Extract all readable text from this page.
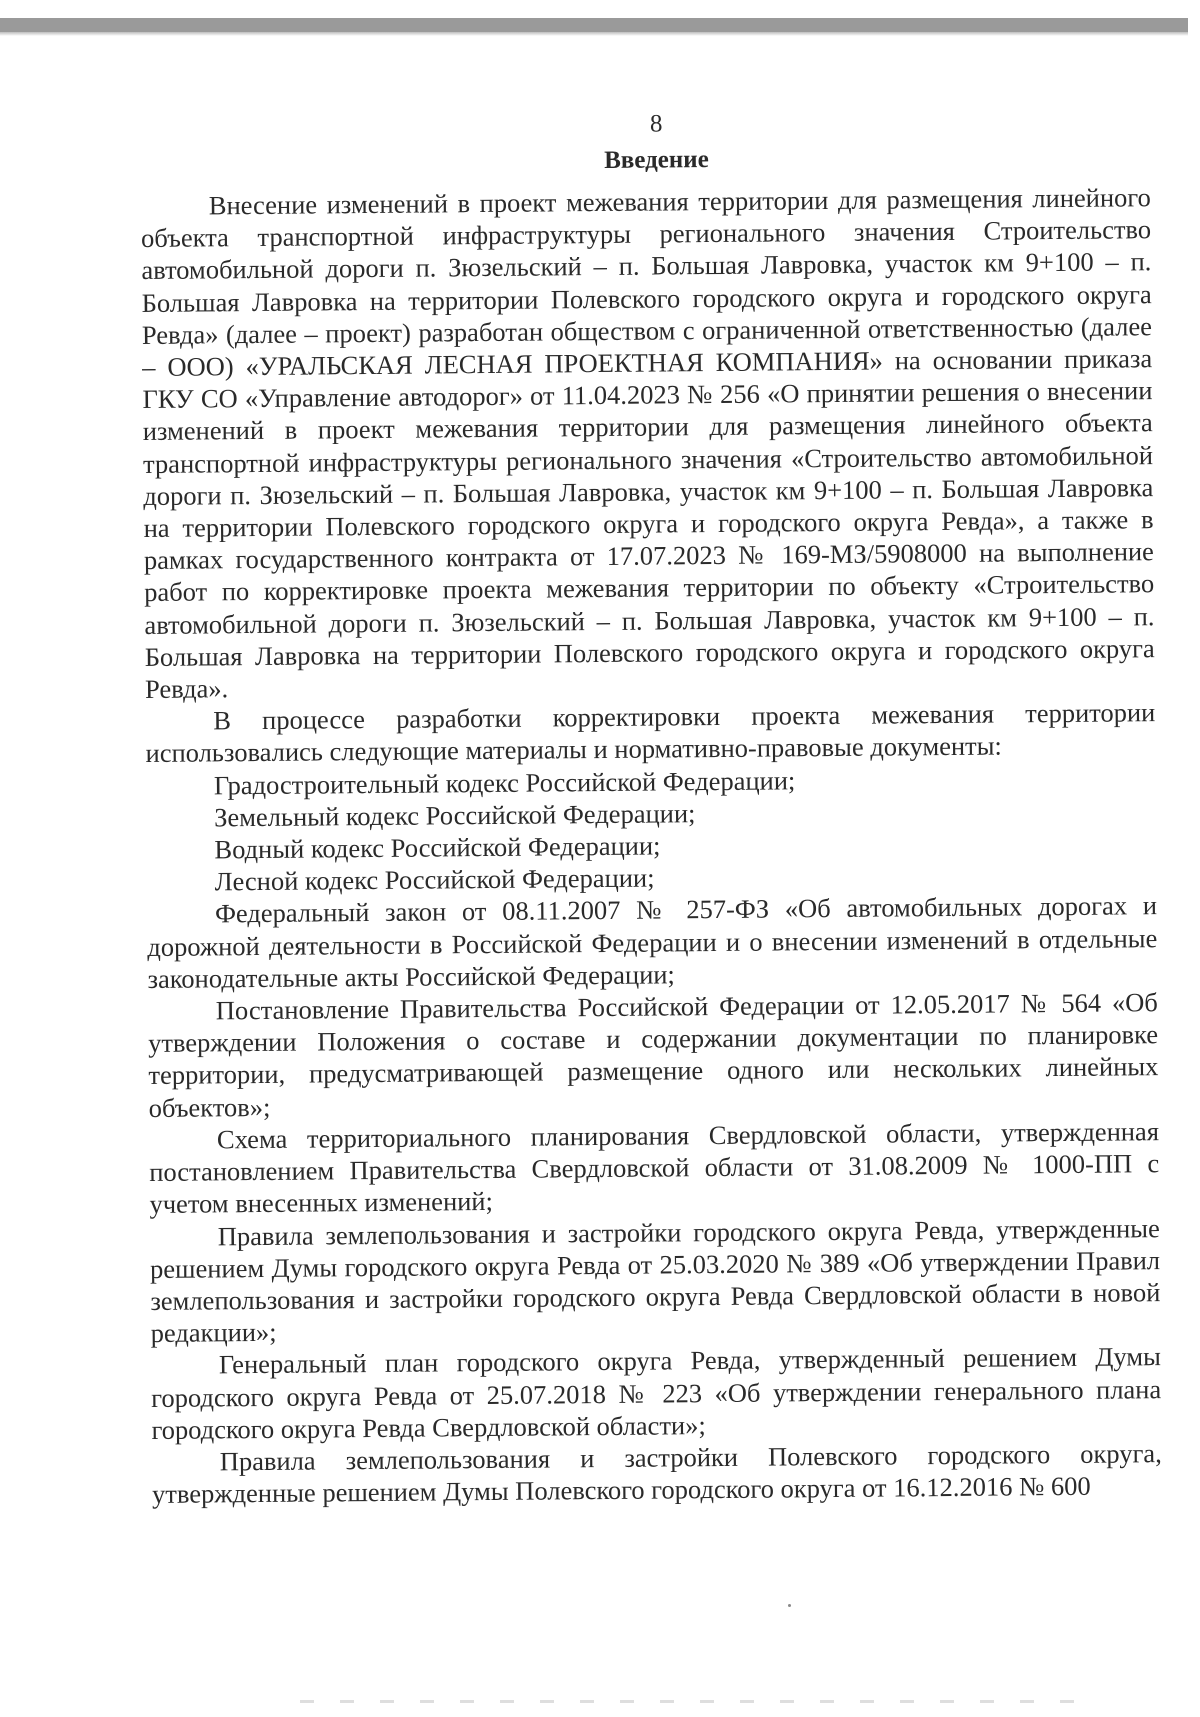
8
Введение

Внесение изменений в проект межевания территории для размещения линейного объекта транспортной инфраструктуры регионального значения Строительство автомобильной дороги п. Зюзельский – п. Большая Лавровка, участок км 9+100 – п. Большая Лавровка на территории Полевского городского округа и городского округа Ревда» (далее – проект) разработан обществом с ограниченной ответственностью (далее – ООО) «УРАЛЬСКАЯ ЛЕСНАЯ ПРОЕКТНАЯ КОМПАНИЯ» на основании приказа ГКУ СО «Управление автодорог» от 11.04.2023 № 256 «О принятии решения о внесении изменений в проект межевания территории для размещения линейного объекта транспортной инфраструктуры регионального значения «Строительство автомобильной дороги п. Зюзельский – п. Большая Лавровка, участок км 9+100 – п. Большая Лавровка на территории Полевского городского округа и городского округа Ревда», а также в рамках государственного контракта от 17.07.2023 № 169-МЗ/5908000 на выполнение работ по корректировке проекта межевания территории по объекту «Строительство автомобильной дороги п. Зюзельский – п. Большая Лавровка, участок км 9+100 – п. Большая Лавровка на территории Полевского городского округа и городского округа Ревда».

В процессе разработки корректировки проекта межевания территории использовались следующие материалы и нормативно-правовые документы:

Градостроительный кодекс Российской Федерации;

Земельный кодекс Российской Федерации;

Водный кодекс Российской Федерации;

Лесной кодекс Российской Федерации;

Федеральный закон от 08.11.2007 № 257-ФЗ «Об автомобильных дорогах и дорожной деятельности в Российской Федерации и о внесении изменений в отдельные законодательные акты Российской Федерации;

Постановление Правительства Российской Федерации от 12.05.2017 № 564 «Об утверждении Положения о составе и содержании документации по планировке территории, предусматривающей размещение одного или нескольких линейных объектов»;

Схема территориального планирования Свердловской области, утвержденная постановлением Правительства Свердловской области от 31.08.2009 № 1000-ПП с учетом внесенных изменений;

Правила землепользования и застройки городского округа Ревда, утвержденные решением Думы городского округа Ревда от 25.03.2020 № 389 «Об утверждении Правил землепользования и застройки городского округа Ревда Свердловской области в новой редакции»;

Генеральный план городского округа Ревда, утвержденный решением Думы городского округа Ревда от 25.07.2018 № 223 «Об утверждении генерального плана городского округа Ревда Свердловской области»;

Правила землепользования и застройки Полевского городского округа, утвержденные решением Думы Полевского городского округа от 16.12.2016 № 600
